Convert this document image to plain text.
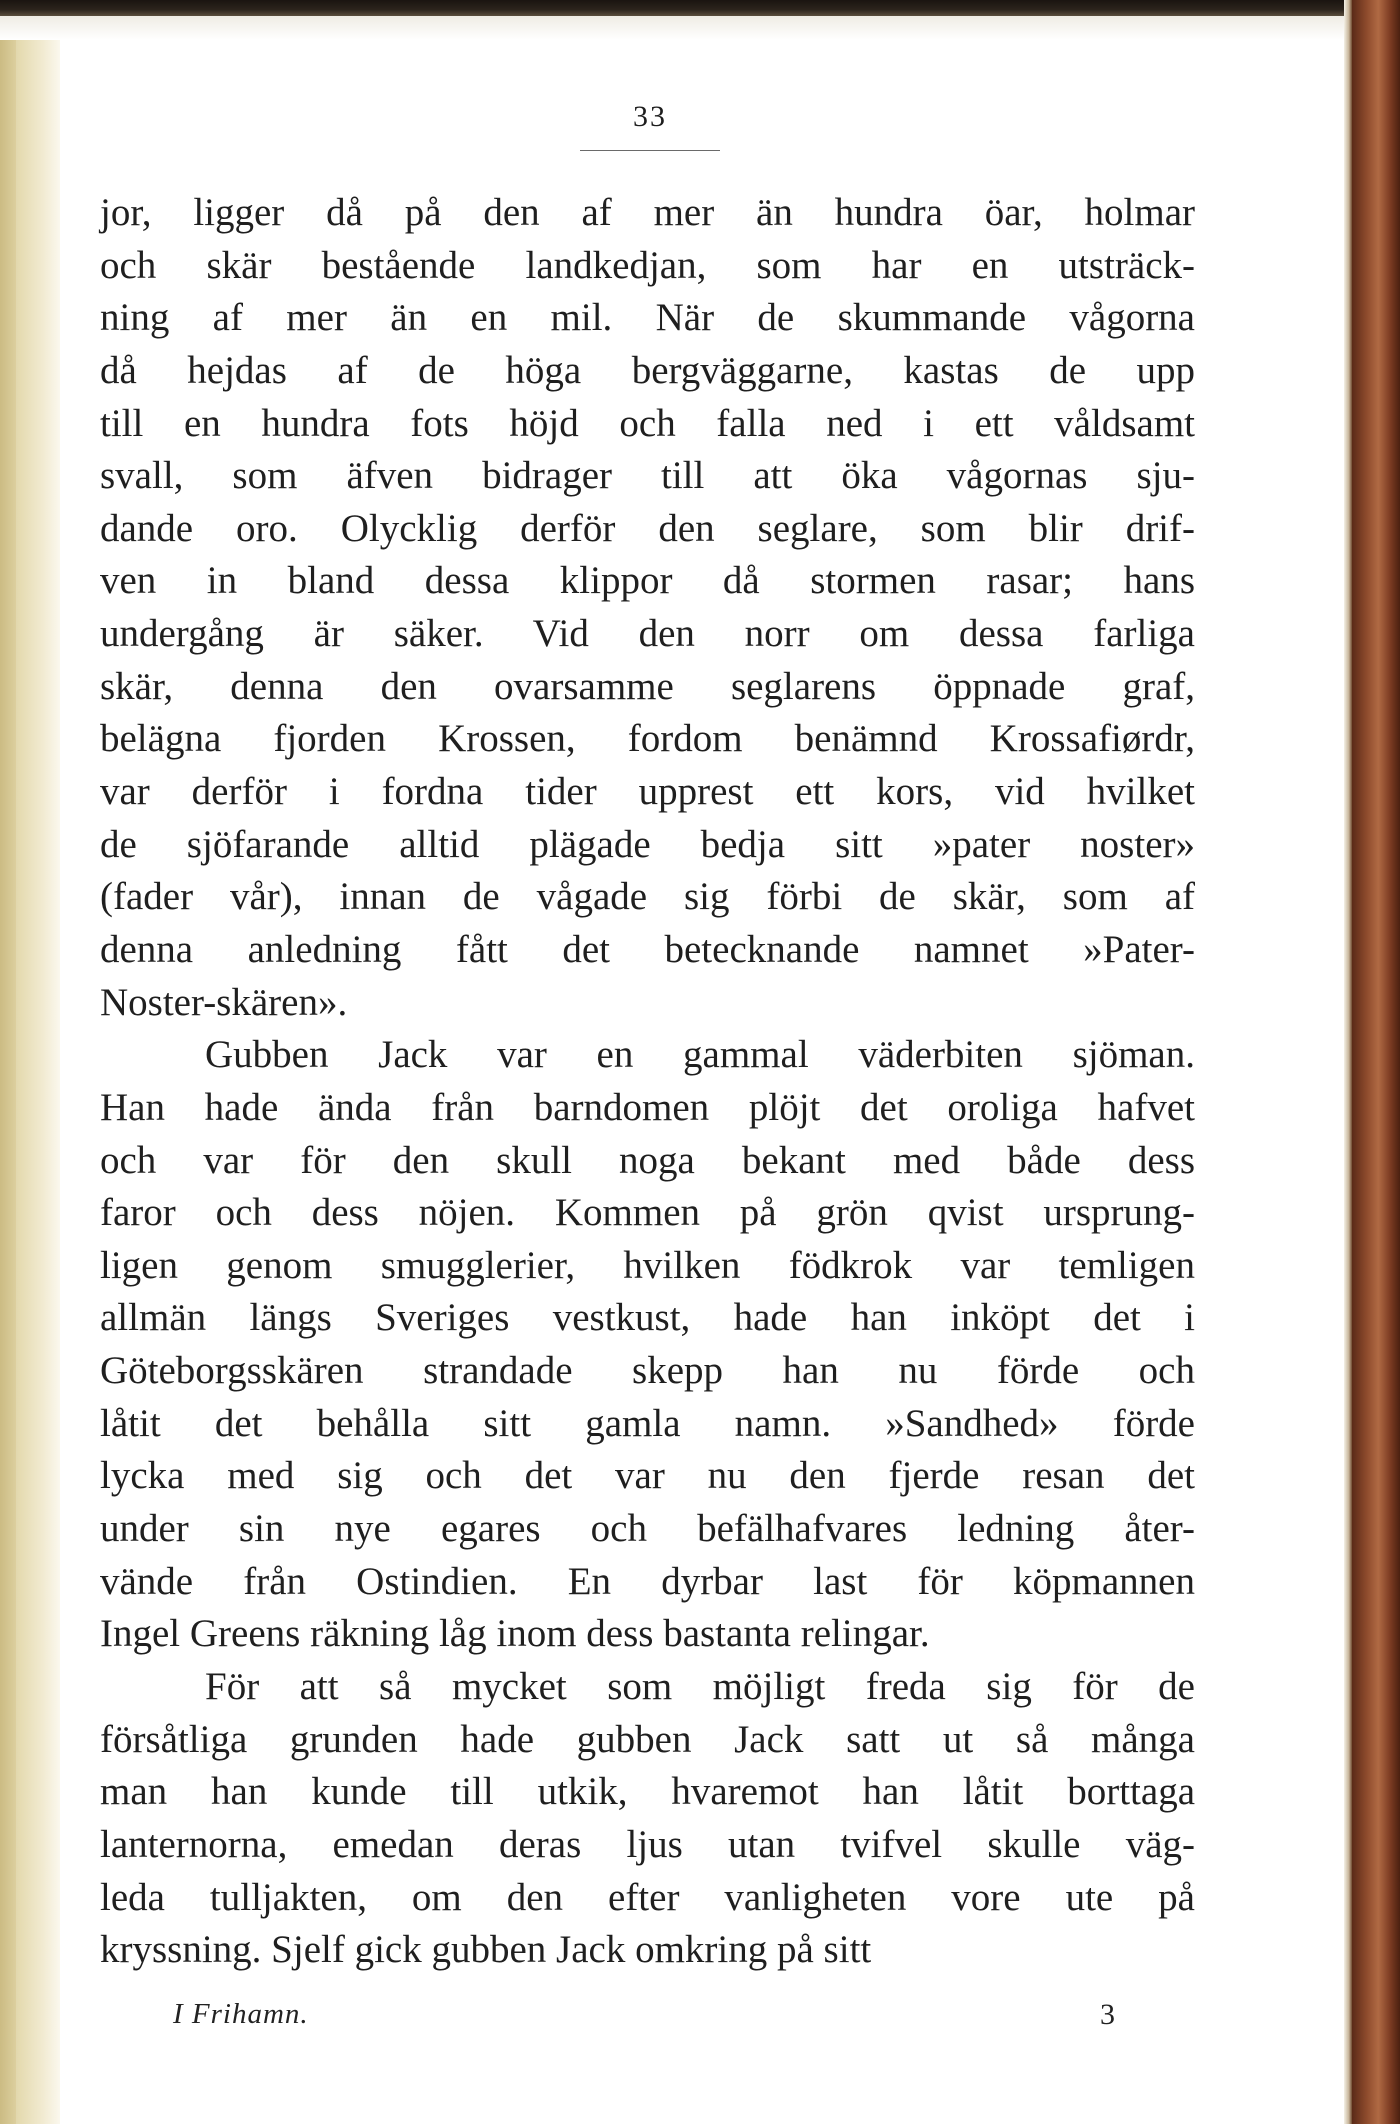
33
jor, ligger då på den af mer än hundra öar, holmar
och skär bestående landkedjan, som har en utsträck-
ning af mer än en mil. När de skummande vågorna
då hejdas af de höga bergväggarne, kastas de upp
till en hundra fots höjd och falla ned i ett våldsamt
svall, som äfven bidrager till att öka vågornas sju-
dande oro. Olycklig derför den seglare, som blir drif-
ven in bland dessa klippor då stormen rasar; hans
undergång är säker. Vid den norr om dessa farliga
skär, denna den ovarsamme seglarens öppnade graf,
belägna fjorden Krossen, fordom benämnd Krossafiørdr,
var derför i fordna tider upprest ett kors, vid hvilket
de sjöfarande alltid plägade bedja sitt »pater noster»
(fader vår), innan de vågade sig förbi de skär, som af
denna anledning fått det betecknande namnet »Pater-
Noster-skären».
Gubben Jack var en gammal väderbiten sjöman.
Han hade ända från barndomen plöjt det oroliga hafvet
och var för den skull noga bekant med både dess
faror och dess nöjen. Kommen på grön qvist ursprung-
ligen genom smugglerier, hvilken födkrok var temligen
allmän längs Sveriges vestkust, hade han inköpt det i
Göteborgsskären strandade skepp han nu förde och
låtit det behålla sitt gamla namn. »Sandhed» förde
lycka med sig och det var nu den fjerde resan det
under sin nye egares och befälhafvares ledning åter-
vände från Ostindien. En dyrbar last för köpmannen
Ingel Greens räkning låg inom dess bastanta relingar.
För att så mycket som möjligt freda sig för de
försåtliga grunden hade gubben Jack satt ut så många
man han kunde till utkik, hvaremot han låtit borttaga
lanternorna, emedan deras ljus utan tvifvel skulle väg-
leda tulljakten, om den efter vanligheten vore ute på
kryssning. Sjelf gick gubben Jack omkring på sitt
I Frihamn.	3
